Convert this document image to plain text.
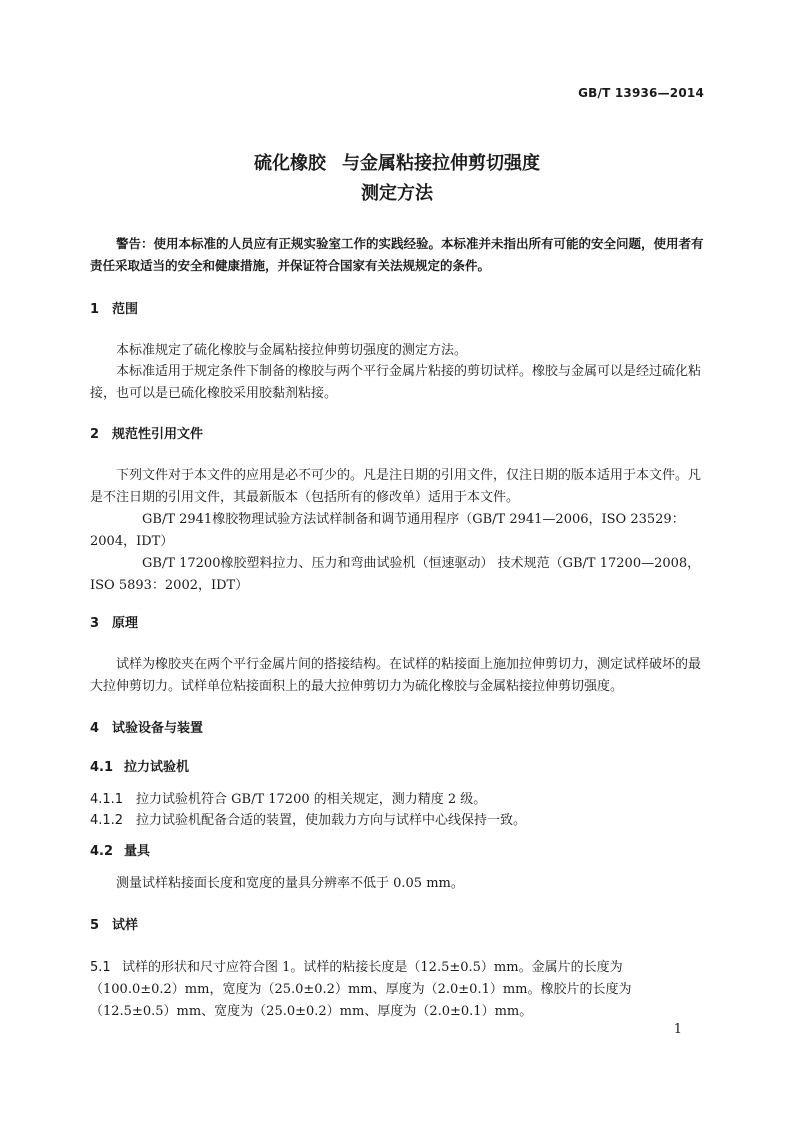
GB/T 13936—2014
硫化橡胶 与金属粘接拉伸剪切强度
测定方法
警告：使用本标准的人员应有正规实验室工作的实践经验。本标准并未指出所有可能的安全问题，使用者有责任采取适当的安全和健康措施，并保证符合国家有关法规规定的条件。
1 范围
本标准规定了硫化橡胶与金属粘接拉伸剪切强度的测定方法。
本标准适用于规定条件下制备的橡胶与两个平行金属片粘接的剪切试样。橡胶与金属可以是经过硫化粘接，也可以是已硫化橡胶采用胶黏剂粘接。
2 规范性引用文件
下列文件对于本文件的应用是必不可少的。凡是注日期的引用文件，仅注日期的版本适用于本文件。凡是不注日期的引用文件，其最新版本（包括所有的修改单）适用于本文件。
GB/T 2941橡胶物理试验方法试样制备和调节通用程序（GB/T 2941—2006，ISO 23529：2004，IDT）
GB/T 17200橡胶塑料拉力、压力和弯曲试验机（恒速驱动） 技术规范（GB/T 17200—2008，ISO 5893：2002，IDT）
3 原理
试样为橡胶夹在两个平行金属片间的搭接结构。在试样的粘接面上施加拉伸剪切力，测定试样破坏的最大拉伸剪切力。试样单位粘接面积上的最大拉伸剪切力为硫化橡胶与金属粘接拉伸剪切强度。
4 试验设备与装置
4.1 拉力试验机
4.1.1 拉力试验机符合 GB/T 17200 的相关规定，测力精度 2 级。
4.1.2 拉力试验机配备合适的装置，使加载力方向与试样中心线保持一致。
4.2 量具
测量试样粘接面长度和宽度的量具分辨率不低于 0.05 mm。
5 试样
5.1 试样的形状和尺寸应符合图 1。试样的粘接长度是（12.5±0.5）mm。金属片的长度为（100.0±0.2）mm，宽度为（25.0±0.2）mm、厚度为（2.0±0.1）mm。橡胶片的长度为（12.5±0.5）mm、宽度为（25.0±0.2）mm、厚度为（2.0±0.1）mm。
1
